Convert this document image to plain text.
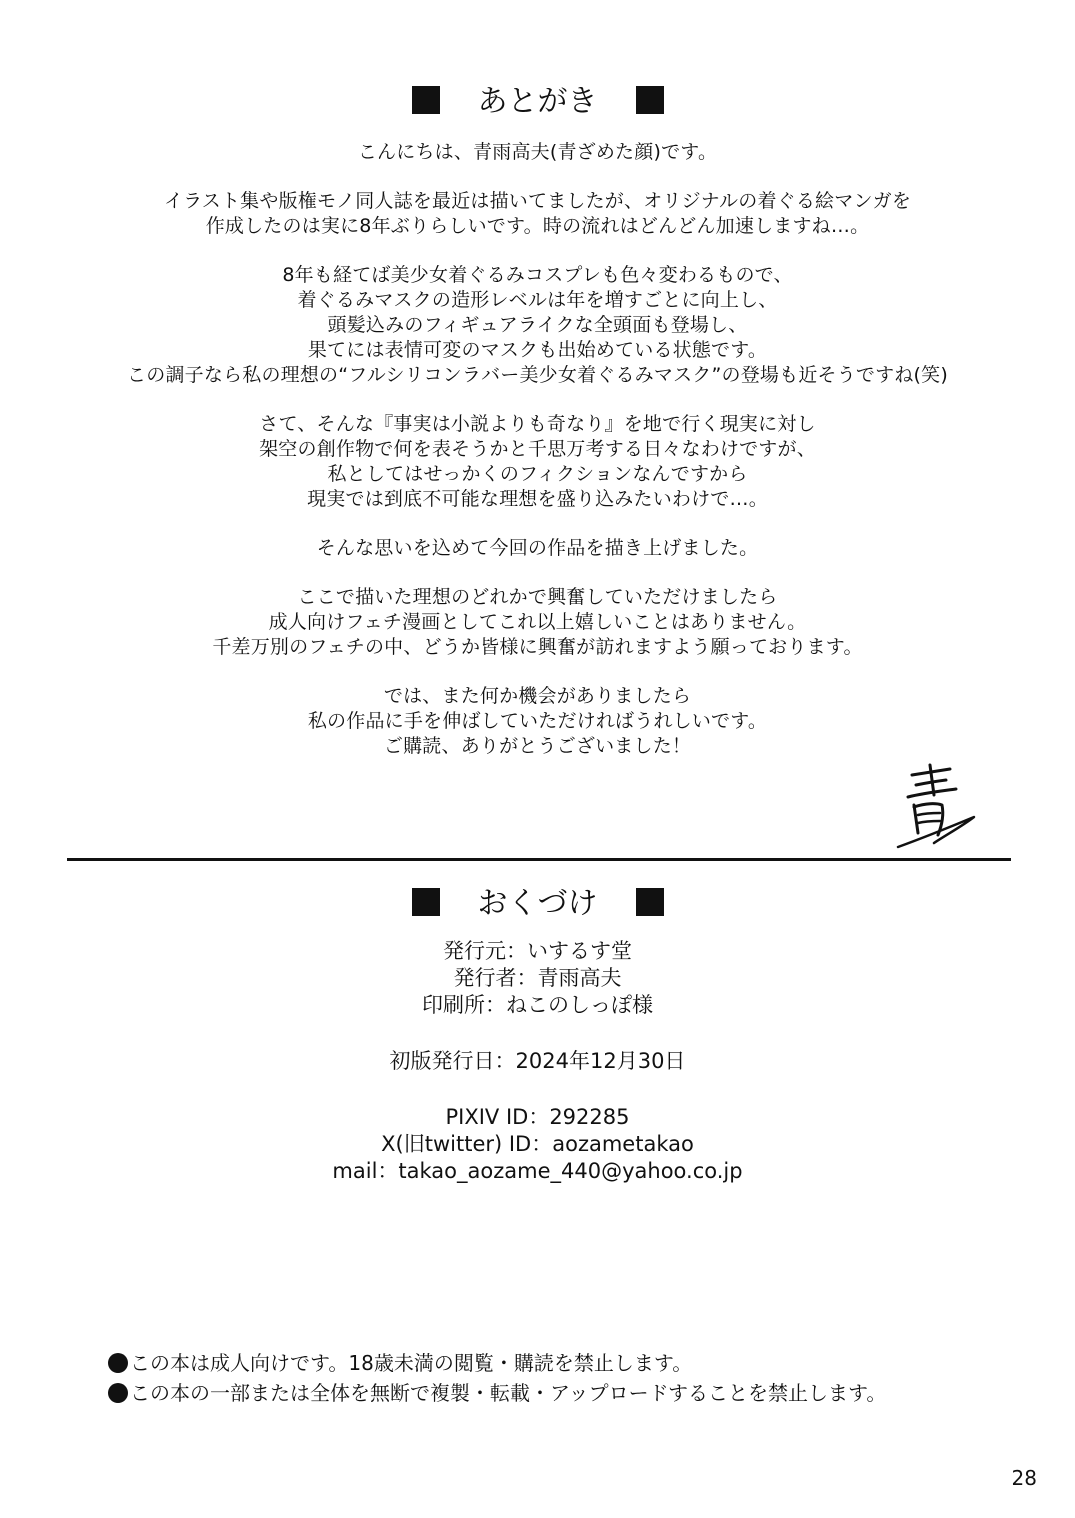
あとがき

こんにちは、青雨高夫(青ざめた顔)です。

イラスト集や版権モノ同人誌を最近は描いてましたが、オリジナルの着ぐる絵マンガを
作成したのは実に8年ぶりらしいです。時の流れはどんどん加速しますね…。

8年も経てば美少女着ぐるみコスプレも色々変わるもので、
着ぐるみマスクの造形レベルは年を増すごとに向上し、
頭髪込みのフィギュアライクな全頭面も登場し、
果てには表情可変のマスクも出始めている状態です。
この調子なら私の理想の“フルシリコンラバー美少女着ぐるみマスク”の登場も近そうですね(笑)

さて、そんな『事実は小説よりも奇なり』を地で行く現実に対し
架空の創作物で何を表そうかと千思万考する日々なわけですが、
私としてはせっかくのフィクションなんですから
現実では到底不可能な理想を盛り込みたいわけで…。

そんな思いを込めて今回の作品を描き上げました。

ここで描いた理想のどれかで興奮していただけましたら
成人向けフェチ漫画としてこれ以上嬉しいことはありません。
千差万別のフェチの中、どうか皆様に興奮が訪れますよう願っております。

では、また何か機会がありましたら
私の作品に手を伸ばしていただければうれしいです。
ご購読、ありがとうございました！

おくづけ
発行元：いするす堂
発行者：青雨高夫
印刷所：ねこのしっぽ様
初版発行日：2024年12月30日
PIXIV ID：292285
X(旧twitter) ID：aozametakao
mail：takao_aozame_440@yahoo.co.jp
この本は成人向けです。18歳未満の閲覧・購読を禁止します。
この本の一部または全体を無断で複製・転載・アップロードすることを禁止します。
28
